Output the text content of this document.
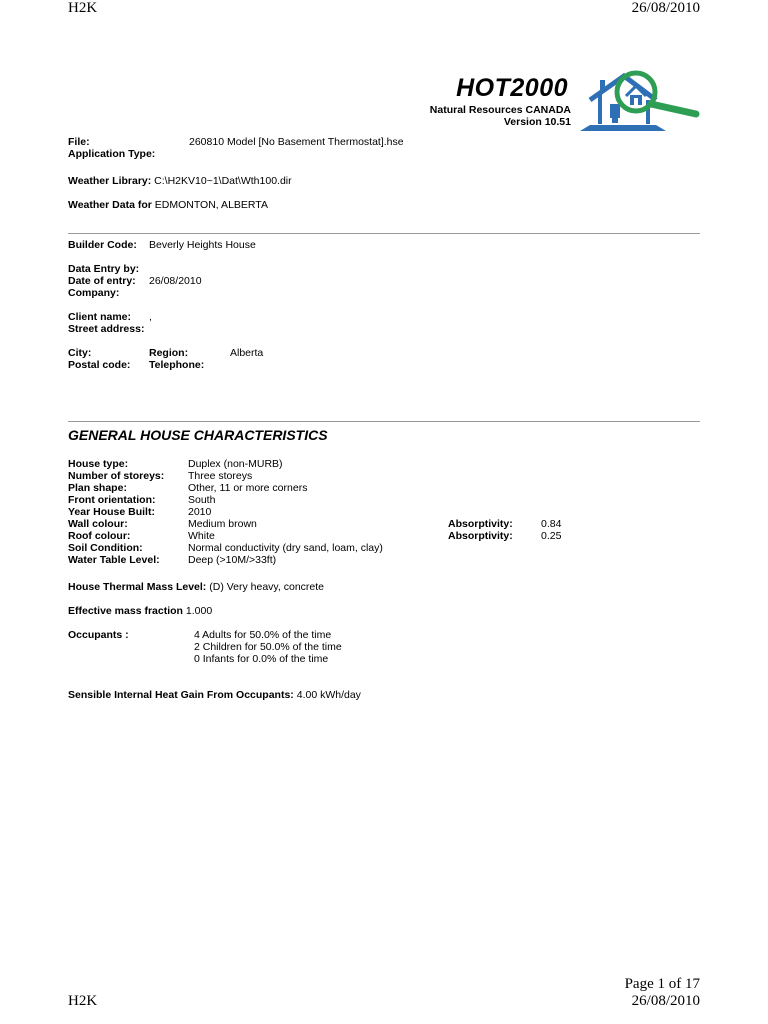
H2K	26/08/2010
HOT2000
Natural Resources CANADA
Version 10.51
File:	260810 Model [No Basement Thermostat].hse
Application Type:
Weather Library: C:\H2KV10~1\Dat\Wth100.dir
Weather Data for EDMONTON, ALBERTA
Builder Code: Beverly Heights House
Data Entry by:
Date of entry: 26/08/2010
Company:
Client name: ,
Street address:
City:	Region:	Alberta
Postal code: Telephone:
GENERAL HOUSE CHARACTERISTICS
House type:	Duplex (non-MURB)
Number of storeys: Three storeys
Plan shape:	Other, 11 or more corners
Front orientation:	South
Year House Built:	2010
Wall colour:	Medium brown	Absorptivity:	0.84
Roof colour:	White	Absorptivity:	0.25
Soil Condition:	Normal conductivity (dry sand, loam, clay)
Water Table Level:	Deep (>10M/>33ft)
House Thermal Mass Level: (D) Very heavy, concrete
Effective mass fraction 1.000
Occupants :	4 Adults for 50.0% of the time
2 Children for 50.0% of the time
0 Infants for 0.0% of the time
Sensible Internal Heat Gain From Occupants: 4.00 kWh/day
Page 1 of 17
H2K	26/08/2010
